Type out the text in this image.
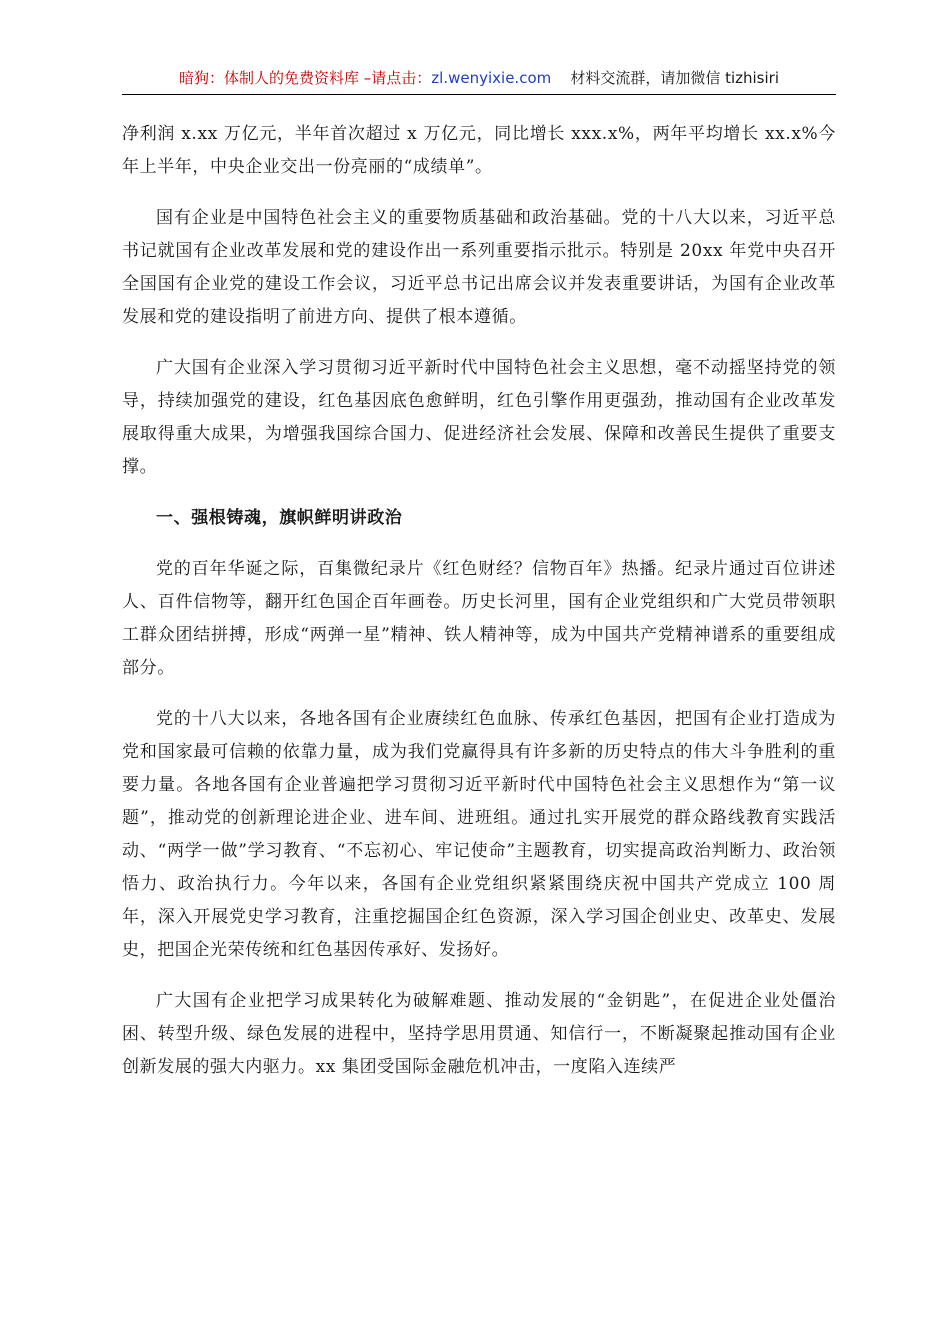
暗狗：体制人的免费资料库 –请点击：zl.wenyixie.com 材料交流群，请加微信 tizhisiri

净利润 x.xx 万亿元，半年首次超过 x 万亿元，同比增长 xxx.x%，两年平均增长 xx.x%今年上半年，中央企业交出一份亮丽的“成绩单”。

国有企业是中国特色社会主义的重要物质基础和政治基础。党的十八大以来，习近平总书记就国有企业改革发展和党的建设作出一系列重要指示批示。特别是 20xx 年党中央召开全国国有企业党的建设工作会议，习近平总书记出席会议并发表重要讲话，为国有企业改革发展和党的建设指明了前进方向、提供了根本遵循。

广大国有企业深入学习贯彻习近平新时代中国特色社会主义思想，毫不动摇坚持党的领导，持续加强党的建设，红色基因底色愈鲜明，红色引擎作用更强劲，推动国有企业改革发展取得重大成果，为增强我国综合国力、促进经济社会发展、保障和改善民生提供了重要支撑。

一、强根铸魂，旗帜鲜明讲政治

党的百年华诞之际，百集微纪录片《红色财经？信物百年》热播。纪录片通过百位讲述人、百件信物等，翻开红色国企百年画卷。历史长河里，国有企业党组织和广大党员带领职工群众团结拼搏，形成“两弹一星”精神、铁人精神等，成为中国共产党精神谱系的重要组成部分。

党的十八大以来，各地各国有企业赓续红色血脉、传承红色基因，把国有企业打造成为党和国家最可信赖的依靠力量，成为我们党赢得具有许多新的历史特点的伟大斗争胜利的重要力量。各地各国有企业普遍把学习贯彻习近平新时代中国特色社会主义思想作为“第一议题”，推动党的创新理论进企业、进车间、进班组。通过扎实开展党的群众路线教育实践活动、“两学一做”学习教育、“不忘初心、牢记使命”主题教育，切实提高政治判断力、政治领悟力、政治执行力。今年以来，各国有企业党组织紧紧围绕庆祝中国共产党成立 100 周年，深入开展党史学习教育，注重挖掘国企红色资源，深入学习国企创业史、改革史、发展史，把国企光荣传统和红色基因传承好、发扬好。

广大国有企业把学习成果转化为破解难题、推动发展的“金钥匙”，在促进企业处僵治困、转型升级、绿色发展的进程中，坚持学思用贯通、知信行一，不断凝聚起推动国有企业创新发展的强大内驱力。xx 集团受国际金融危机冲击，一度陷入连续严
